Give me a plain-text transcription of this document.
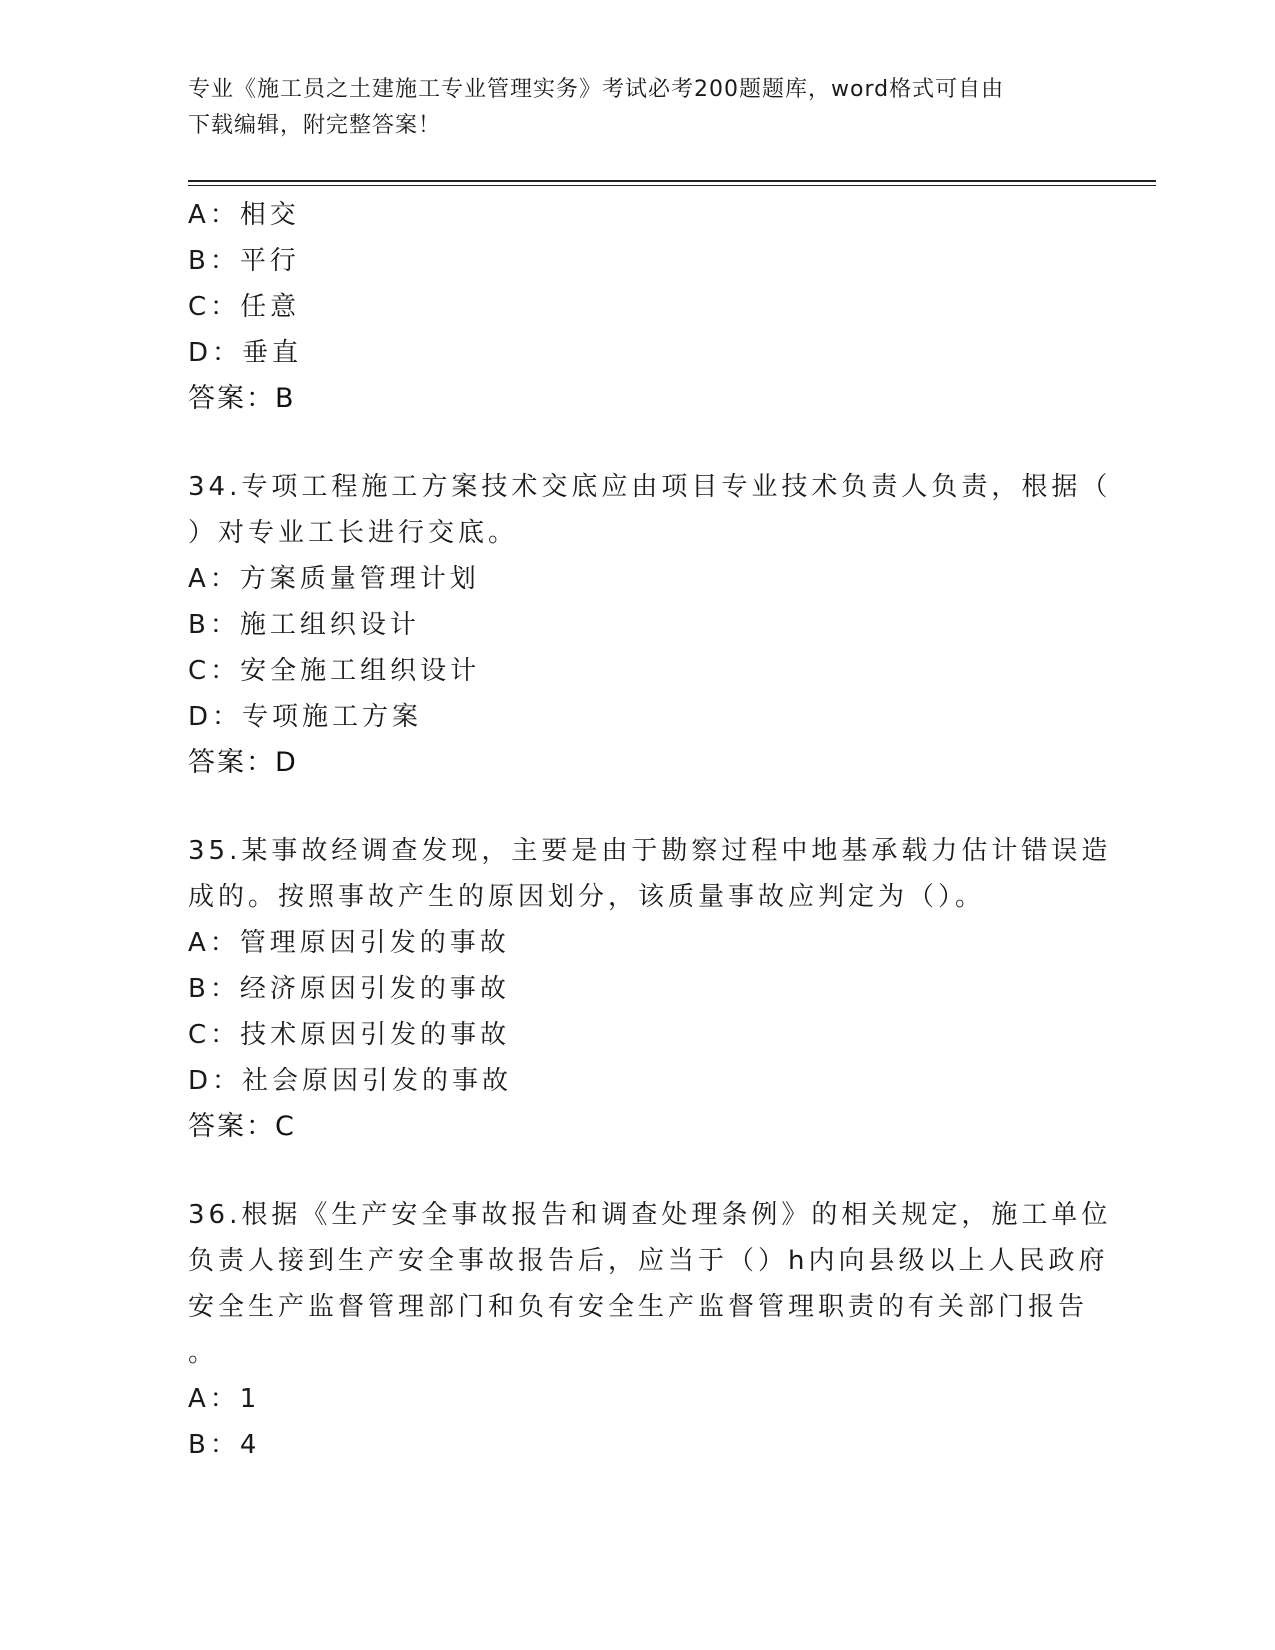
专业《施工员之土建施工专业管理实务》考试必考200题题库，word格式可自由
下载编辑，附完整答案！
A：相交
B：平行
C：任意
D：垂直
答案：B
34.专项工程施工方案技术交底应由项目专业技术负责人负责，根据（
）对专业工长进行交底。
A：方案质量管理计划
B：施工组织设计
C：安全施工组织设计
D：专项施工方案
答案：D
35.某事故经调查发现，主要是由于勘察过程中地基承载力估计错误造
成的。按照事故产生的原因划分，该质量事故应判定为（）。
A：管理原因引发的事故
B：经济原因引发的事故
C：技术原因引发的事故
D：社会原因引发的事故
答案：C
36.根据《生产安全事故报告和调查处理条例》的相关规定，施工单位
负责人接到生产安全事故报告后，应当于（）h内向县级以上人民政府
安全生产监督管理部门和负有安全生产监督管理职责的有关部门报告
。
A：1
B：4
